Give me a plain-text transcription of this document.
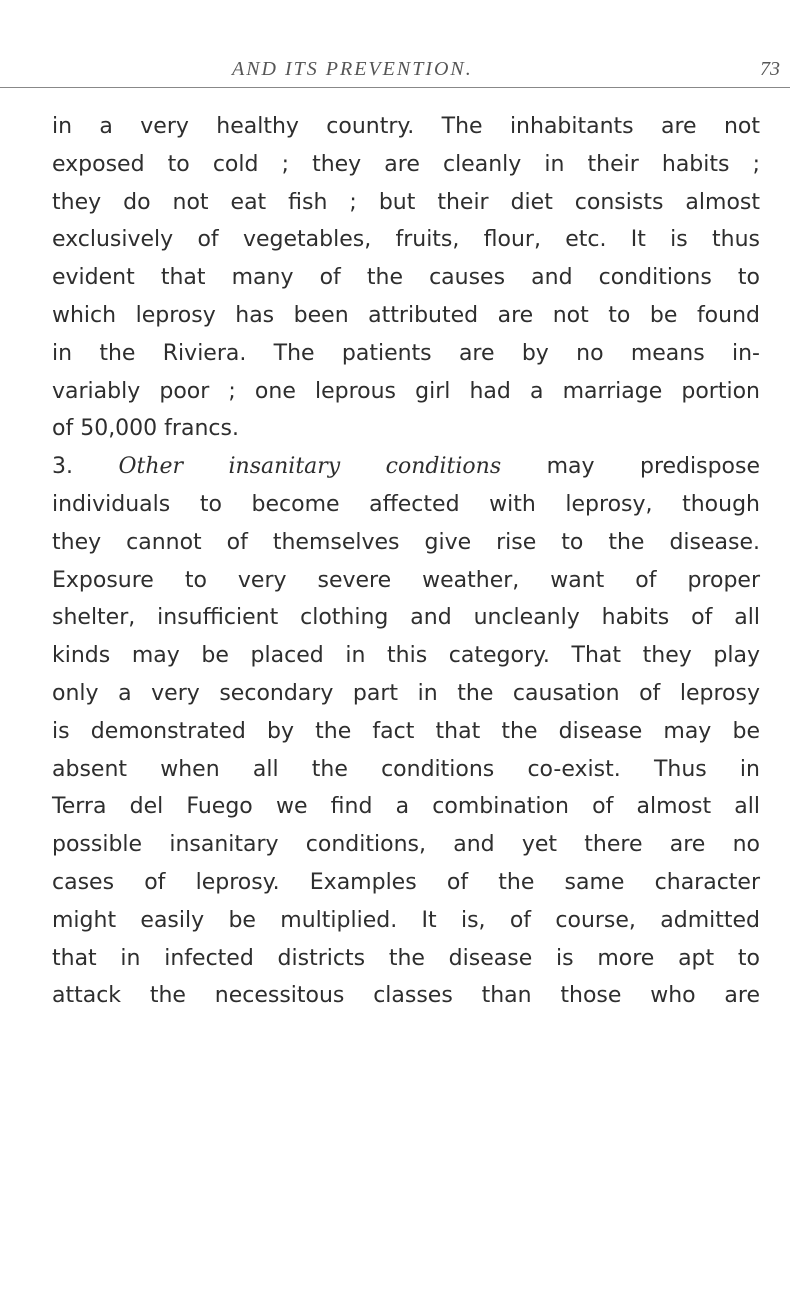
AND ITS PREVENTION.	73
in a very healthy country. The inhabitants are not
exposed to cold ; they are cleanly in their habits ;
they do not eat fish ; but their diet consists almost
exclusively of vegetables, fruits, flour, etc. It is thus
evident that many of the causes and conditions to
which leprosy has been attributed are not to be found
in the Riviera. The patients are by no means in-
variably poor ; one leprous girl had a marriage portion
of 50,000 francs.
3. Other insanitary conditions may predispose
individuals to become affected with leprosy, though
they cannot of themselves give rise to the disease.
Exposure to very severe weather, want of proper
shelter, insufficient clothing and uncleanly habits of all
kinds may be placed in this category. That they play
only a very secondary part in the causation of leprosy
is demonstrated by the fact that the disease may be
absent when all the conditions co-exist. Thus in
Terra del Fuego we find a combination of almost all
possible insanitary conditions, and yet there are no
cases of leprosy. Examples of the same character
might easily be multiplied. It is, of course, admitted
that in infected districts the disease is more apt to
attack the necessitous classes than those who are
